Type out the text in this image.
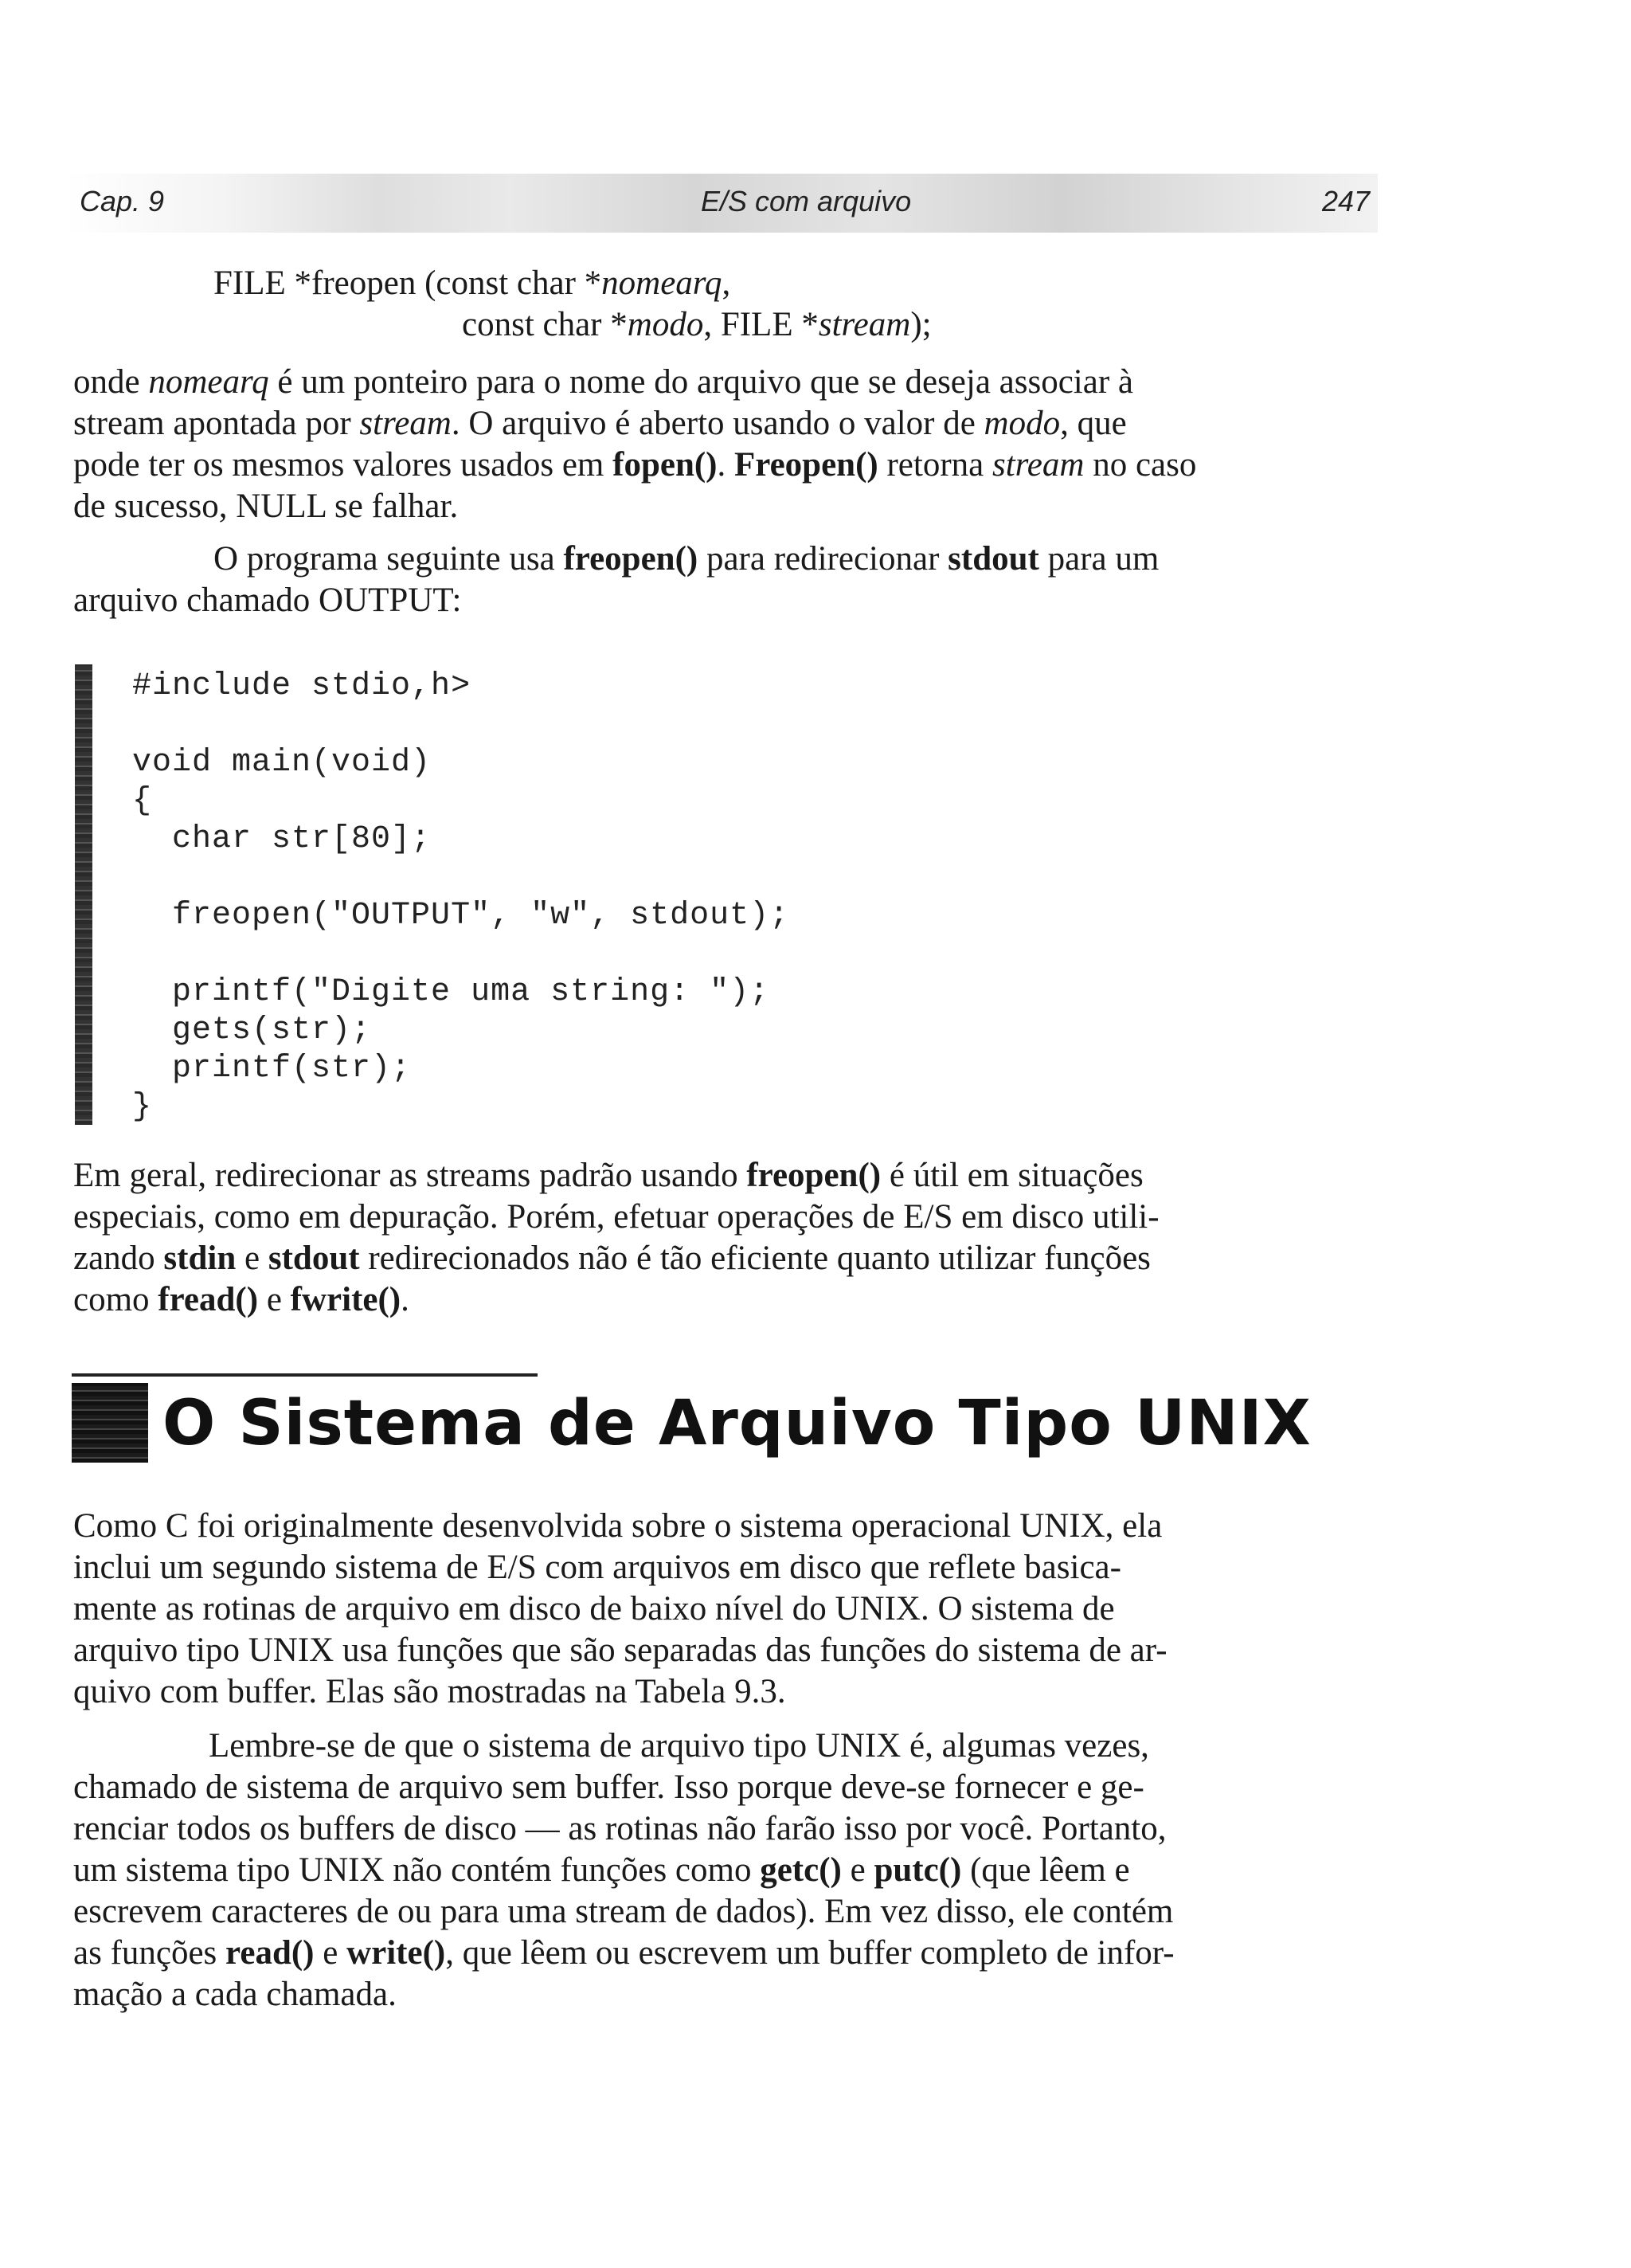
Cap. 9	E/S com arquivo	247
FILE *freopen (const char *nomearq,
const char *modo, FILE *stream);
onde nomearq é um ponteiro para o nome do arquivo que se deseja associar à
stream apontada por stream. O arquivo é aberto usando o valor de modo, que
pode ter os mesmos valores usados em fopen(). Freopen() retorna stream no caso
de sucesso, NULL se falhar.
O programa seguinte usa freopen() para redirecionar stdout para um
arquivo chamado OUTPUT:
#include stdio,h>
void main(void)
{
char str[80];
freopen("OUTPUT", "w", stdout);
printf("Digite uma string: ");
gets(str);
printf(str);
}
Em geral, redirecionar as streams padrão usando freopen() é útil em situações
especiais, como em depuração. Porém, efetuar operações de E/S em disco utili-
zando stdin e stdout redirecionados não é tão eficiente quanto utilizar funções
como fread() e fwrite().
O Sistema de Arquivo Tipo UNIX
Como C foi originalmente desenvolvida sobre o sistema operacional UNIX, ela
inclui um segundo sistema de E/S com arquivos em disco que reflete basica-
mente as rotinas de arquivo em disco de baixo nível do UNIX. O sistema de
arquivo tipo UNIX usa funções que são separadas das funções do sistema de ar-
quivo com buffer. Elas são mostradas na Tabela 9.3.
Lembre-se de que o sistema de arquivo tipo UNIX é, algumas vezes,
chamado de sistema de arquivo sem buffer. Isso porque deve-se fornecer e ge-
renciar todos os buffers de disco — as rotinas não farão isso por você. Portanto,
um sistema tipo UNIX não contém funções como getc() e putc() (que lêem e
escrevem caracteres de ou para uma stream de dados). Em vez disso, ele contém
as funções read() e write(), que lêem ou escrevem um buffer completo de infor-
mação a cada chamada.
